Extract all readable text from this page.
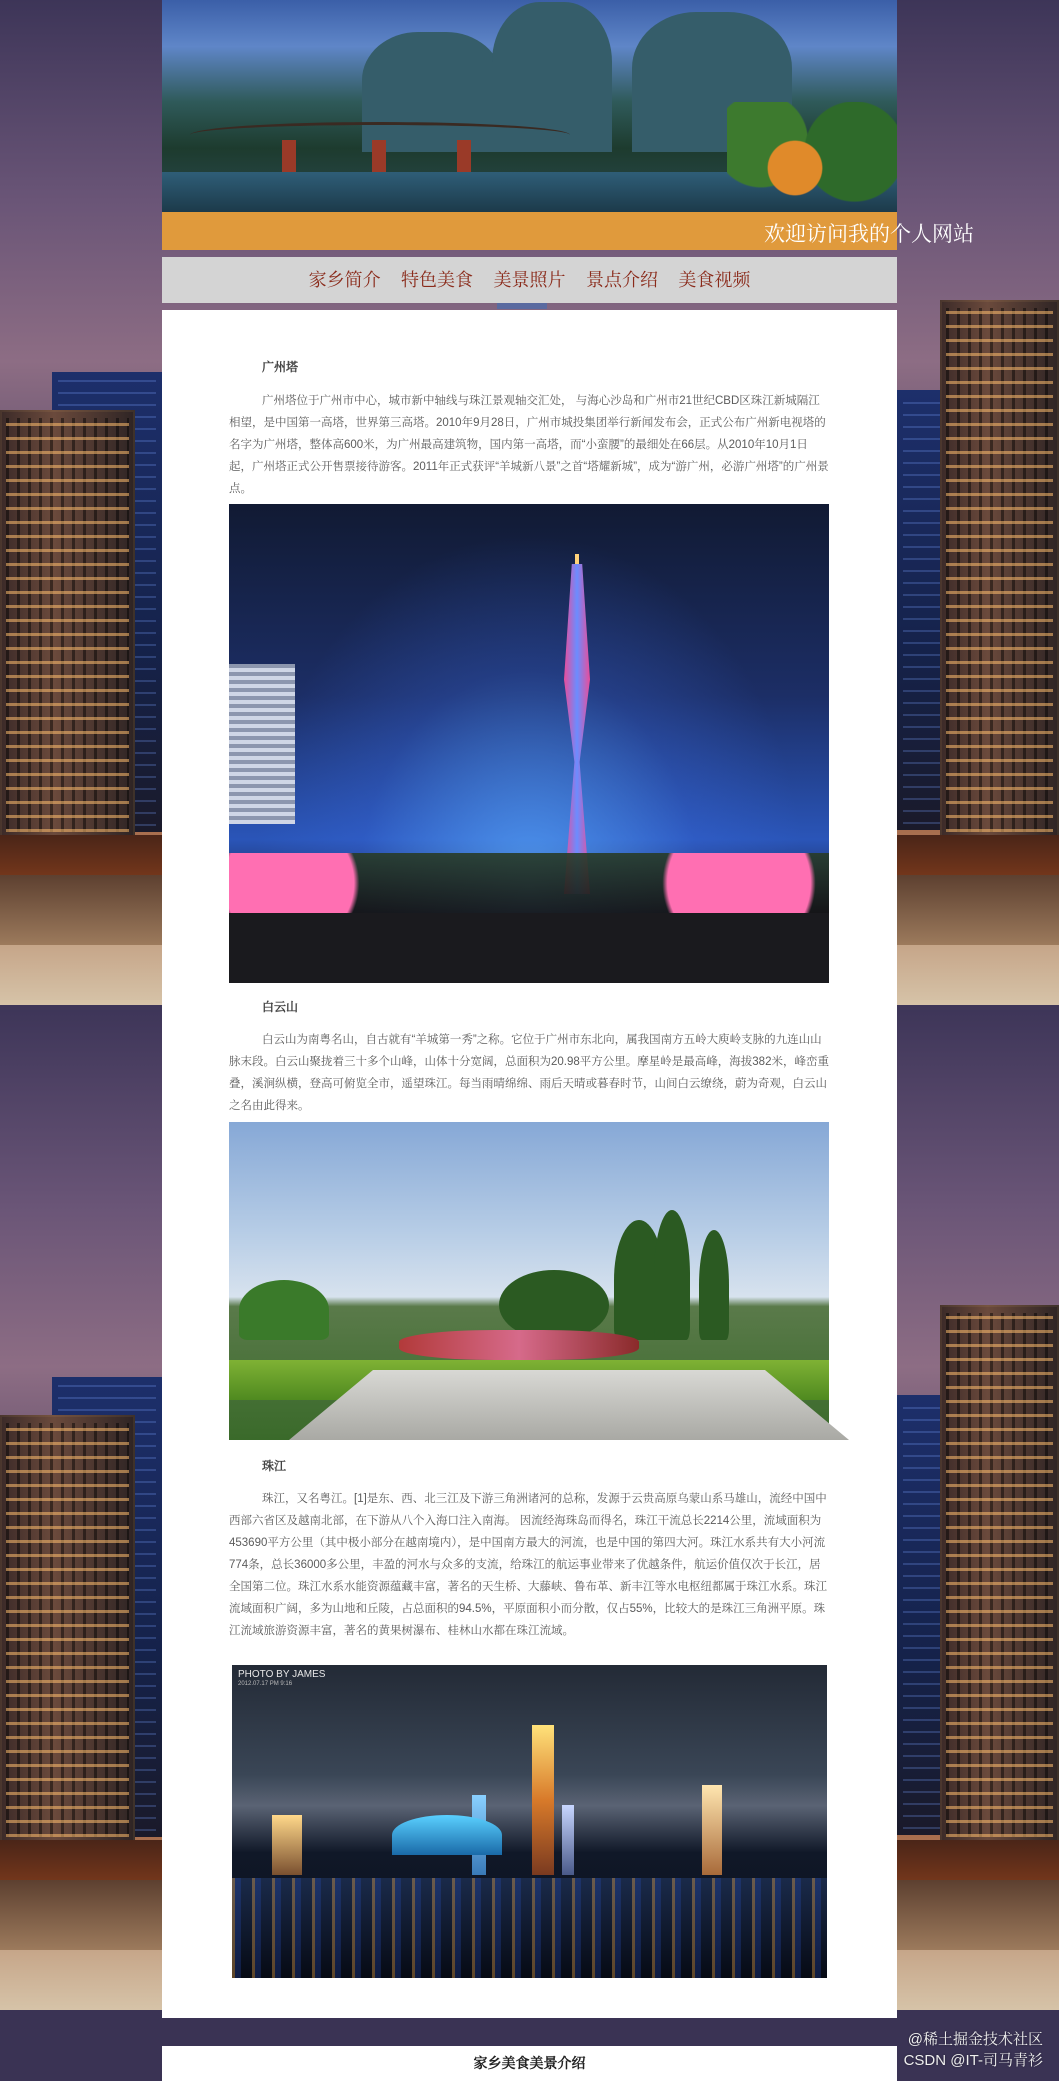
欢迎访问我的个人网站
家乡简介 特色美食 美景照片 景点介绍 美食视频
广州塔

广州塔位于广州市中心，城市新中轴线与珠江景观轴交汇处， 与海心沙岛和广州市21世纪CBD区珠江新城隔江相望，是中国第一高塔，世界第三高塔。2010年9月28日，广州市城投集团举行新闻发布会，正式公布广州新电视塔的名字为广州塔，整体高600米，为广州最高建筑物，国内第一高塔，而“小蛮腰”的最细处在66层。从2010年10月1日起，广州塔正式公开售票接待游客。2011年正式获评“羊城新八景”之首“塔耀新城”，成为“游广州，必游广州塔”的广州景点。

白云山

白云山为南粤名山，自古就有“羊城第一秀”之称。它位于广州市东北向，属我国南方五岭大庾岭支脉的九连山山脉末段。白云山聚拢着三十多个山峰，山体十分宽阔，总面积为20.98平方公里。摩星岭是最高峰，海拔382米，峰峦重叠，溪涧纵横，登高可俯览全市，遥望珠江。每当雨晴绵绵、雨后天晴或暮春时节，山间白云缭绕，蔚为奇观，白云山之名由此得来。

珠江

珠江，又名粤江。[1]是东、西、北三江及下游三角洲诸河的总称，发源于云贵高原乌蒙山系马雄山，流经中国中西部六省区及越南北部，在下游从八个入海口注入南海。 因流经海珠岛而得名，珠江干流总长2214公里，流域面积为453690平方公里（其中极小部分在越南境内），是中国南方最大的河流，也是中国的第四大河。珠江水系共有大小河流774条，总长36000多公里，丰盈的河水与众多的支流，给珠江的航运事业带来了优越条件，航运价值仅次于长江，居全国第二位。珠江水系水能资源蕴藏丰富，著名的天生桥、大藤峡、鲁布革、新丰江等水电枢纽都属于珠江水系。珠江流域面积广阔，多为山地和丘陵，占总面积的94.5%，平原面积小而分散，仅占55%，比较大的是珠江三角洲平原。珠江流域旅游资源丰富，著名的黄果树瀑布、桂林山水都在珠江流域。

PHOTO BY JAMES
2012.07.17 PM 9:16
家乡美食美景介绍
@稀土掘金技术社区
CSDN @IT-司马青衫
